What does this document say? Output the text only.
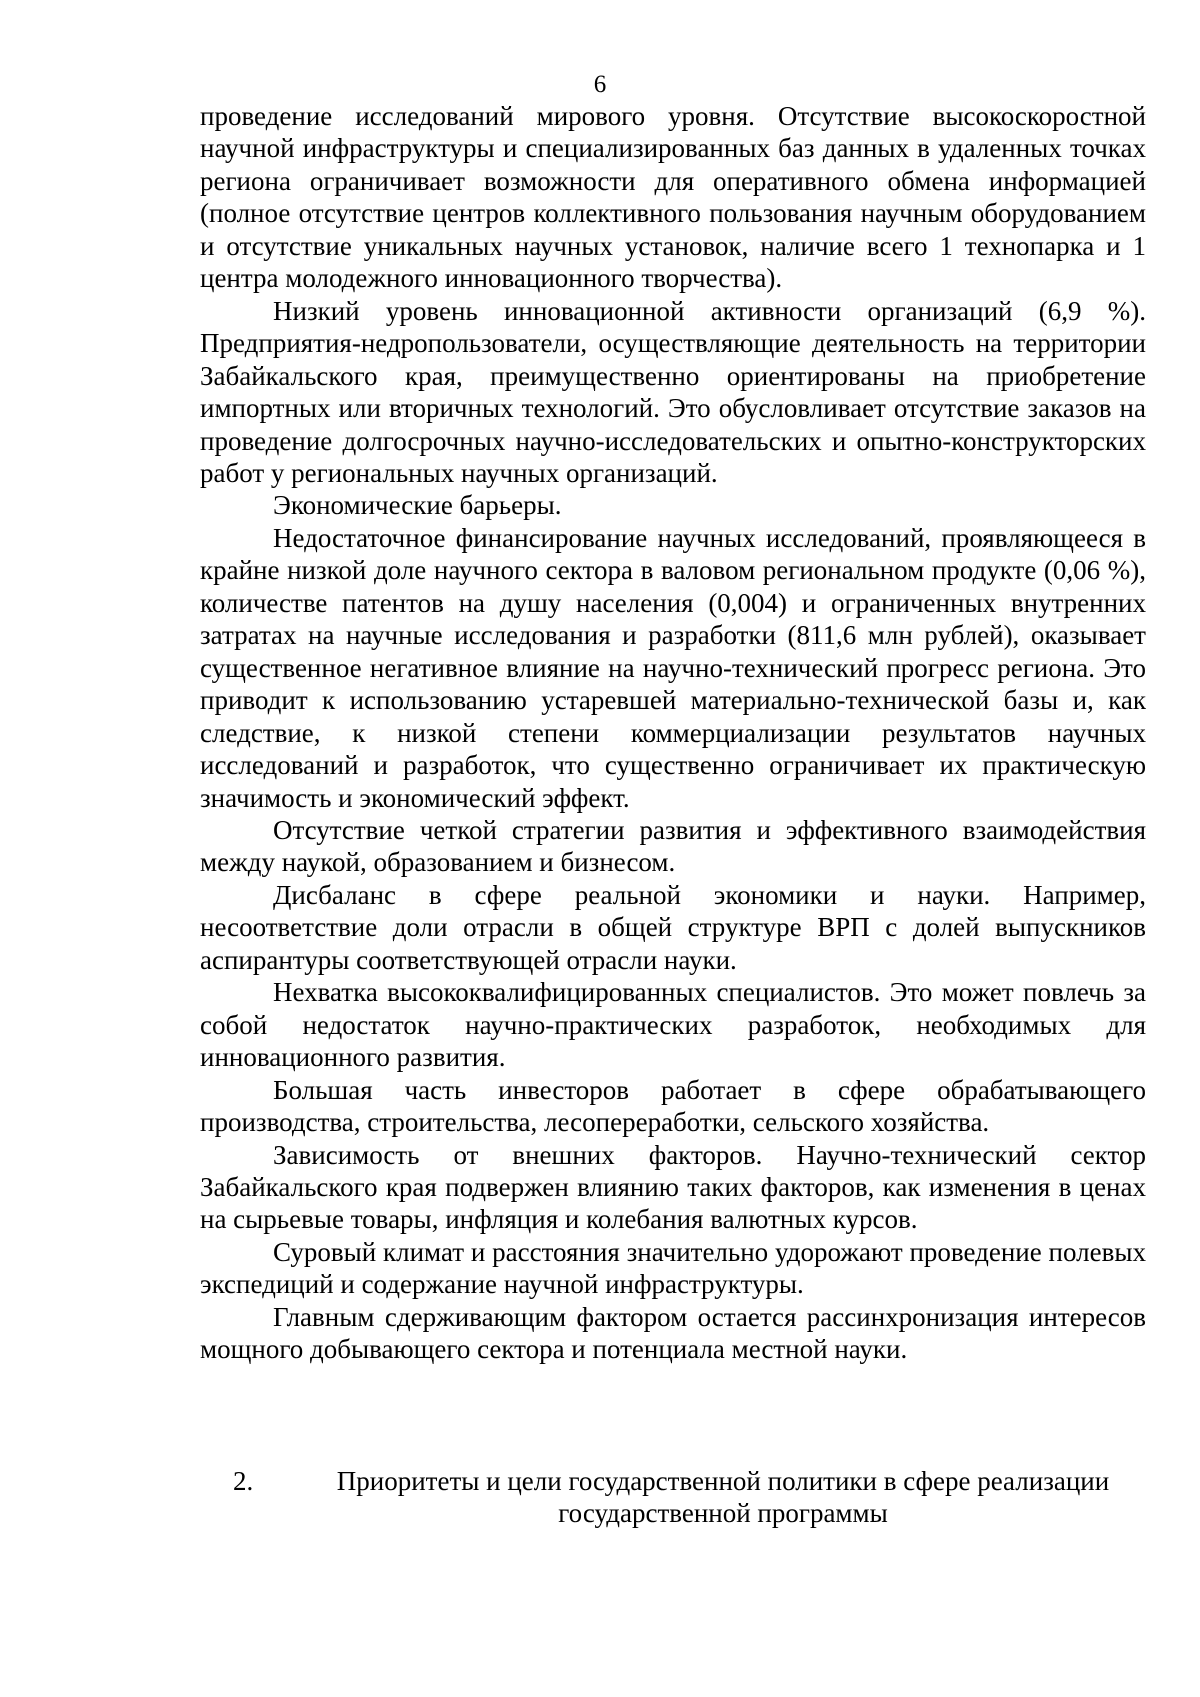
6

проведение исследований мирового уровня. Отсутствие высокоскоростной научной инфраструктуры и специализированных баз данных в удаленных точках региона ограничивает возможности для оперативного обмена информацией (полное отсутствие центров коллективного пользования научным оборудованием и отсутствие уникальных научных установок, наличие всего 1 технопарка и 1 центра молодежного инновационного творчества).

Низкий уровень инновационной активности организаций (6,9 %). Предприятия-недропользователи, осуществляющие деятельность на территории Забайкальского края, преимущественно ориентированы на приобретение импортных или вторичных технологий. Это обусловливает отсутствие заказов на проведение долгосрочных научно-исследовательских и опытно-конструкторских работ у региональных научных организаций.

Экономические барьеры.

Недостаточное финансирование научных исследований, проявляющееся в крайне низкой доле научного сектора в валовом региональном продукте (0,06 %), количестве патентов на душу населения (0,004) и ограниченных внутренних затратах на научные исследования и разработки (811,6 млн рублей), оказывает существенное негативное влияние на научно-технический прогресс региона. Это приводит к использованию устаревшей материально-технической базы и, как следствие, к низкой степени коммерциализации результатов научных исследований и разработок, что существенно ограничивает их практическую значимость и экономический эффект.

Отсутствие четкой стратегии развития и эффективного взаимодействия между наукой, образованием и бизнесом.

Дисбаланс в сфере реальной экономики и науки. Например, несоответствие доли отрасли в общей структуре ВРП с долей выпускников аспирантуры соответствующей отрасли науки.

Нехватка высококвалифицированных специалистов. Это может повлечь за собой недостаток научно-практических разработок, необходимых для инновационного развития.

Большая часть инвесторов работает в сфере обрабатывающего производства, строительства, лесопереработки, сельского хозяйства.

Зависимость от внешних факторов. Научно-технический сектор Забайкальского края подвержен влиянию таких факторов, как изменения в ценах на сырьевые товары, инфляция и колебания валютных курсов.

Суровый климат и расстояния значительно удорожают проведение полевых экспедиций и содержание научной инфраструктуры.

Главным сдерживающим фактором остается рассинхронизация интересов мощного добывающего сектора и потенциала местной науки.

2.	Приоритеты и цели государственной политики в сфере реализации
государственной программы
